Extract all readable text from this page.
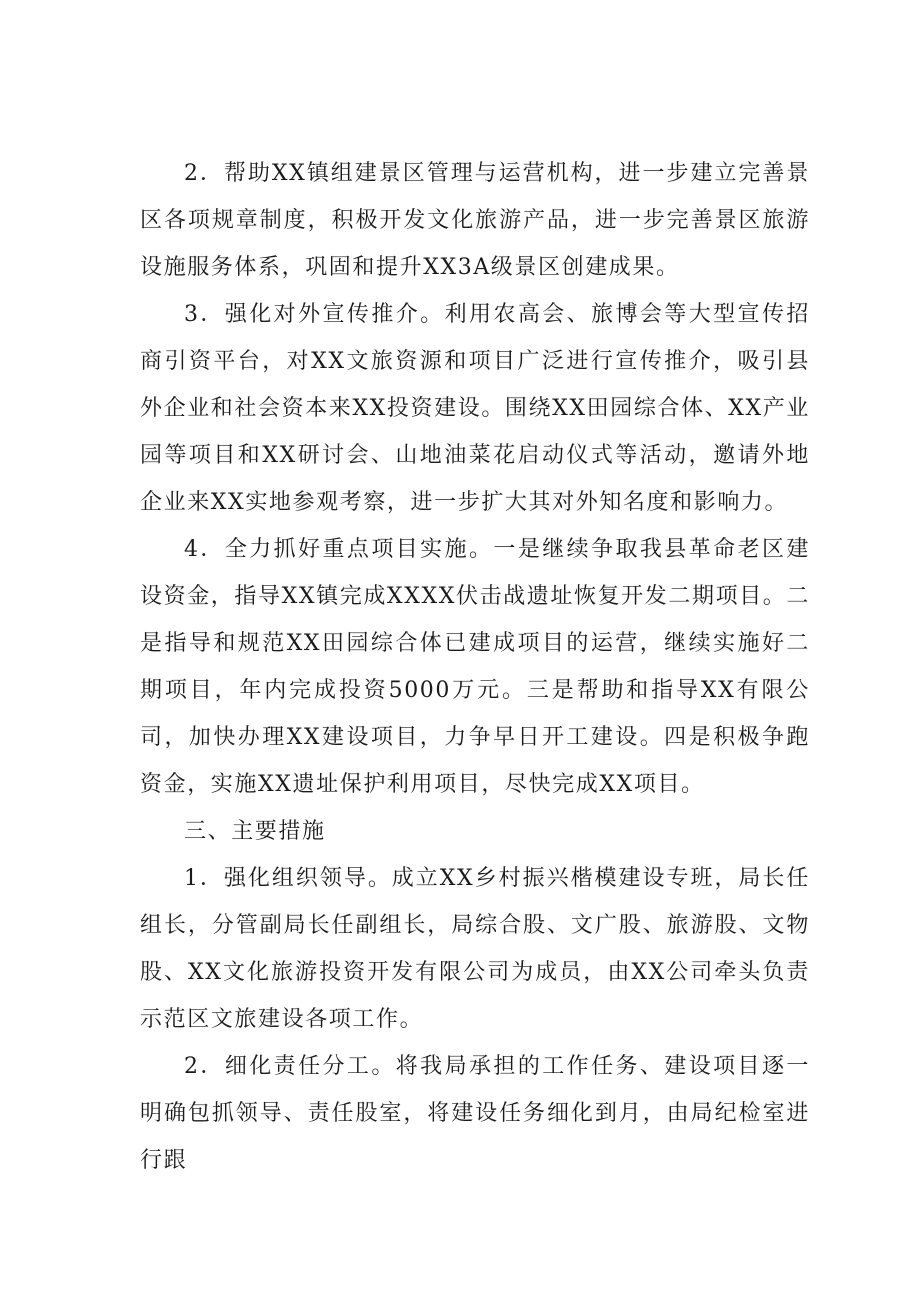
2．帮助XX镇组建景区管理与运营机构，进一步建立完善景区各项规章制度，积极开发文化旅游产品，进一步完善景区旅游设施服务体系，巩固和提升XX3A级景区创建成果。

3．强化对外宣传推介。利用农高会、旅博会等大型宣传招商引资平台，对XX文旅资源和项目广泛进行宣传推介，吸引县外企业和社会资本来XX投资建设。围绕XX田园综合体、XX产业园等项目和XX研讨会、山地油菜花启动仪式等活动，邀请外地企业来XX实地参观考察，进一步扩大其对外知名度和影响力。

4．全力抓好重点项目实施。一是继续争取我县革命老区建设资金，指导XX镇完成XXXX伏击战遗址恢复开发二期项目。二是指导和规范XX田园综合体已建成项目的运营，继续实施好二期项目，年内完成投资5000万元。三是帮助和指导XX有限公司，加快办理XX建设项目，力争早日开工建设。四是积极争跑资金，实施XX遗址保护利用项目，尽快完成XX项目。

三、主要措施

1．强化组织领导。成立XX乡村振兴楷模建设专班，局长任组长，分管副局长任副组长，局综合股、文广股、旅游股、文物股、XX文化旅游投资开发有限公司为成员，由XX公司牵头负责示范区文旅建设各项工作。

2．细化责任分工。将我局承担的工作任务、建设项目逐一明确包抓领导、责任股室，将建设任务细化到月，由局纪检室进行跟
